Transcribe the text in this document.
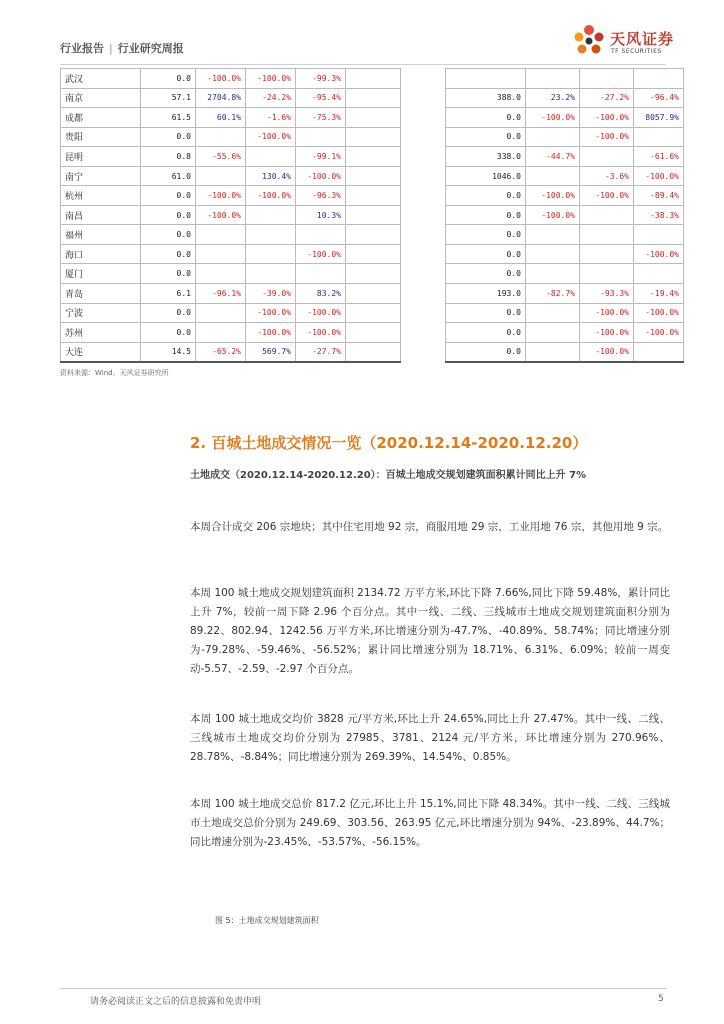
行业报告 | 行业研究周报
天风证券
TF SECURITIES
武汉	0.0	-100.0%	-100.0%	-99.3%	
南京	57.1	2704.8%	-24.2%	-95.4%	
成都	61.5	60.1%	-1.6%	-75.3%	
贵阳	0.0		-100.0%		
昆明	0.8	-55.6%		-99.1%	
南宁	61.0		130.4%	-100.0%	
杭州	0.0	-100.0%	-100.0%	-96.3%	
南昌	0.0	-100.0%		10.3%	
福州	0.0				
海口	0.0			-100.0%	
厦门	0.0				
青岛	6.1	-96.1%	-39.0%	83.2%	
宁波	0.0		-100.0%	-100.0%	
苏州	0.0		-100.0%	-100.0%	
大连	14.5	-65.2%	569.7%	-27.7%	

388.0	23.2%	-27.2%	-96.4%
0.0	-100.0%	-100.0%	8057.9%
0.0		-100.0%	
338.0	-44.7%		-61.6%
1046.0		-3.6%	-100.0%
0.0	-100.0%	-100.0%	-89.4%
0.0	-100.0%		-38.3%
0.0			
0.0			-100.0%
0.0			
193.0	-82.7%	-93.3%	-19.4%
0.0		-100.0%	-100.0%
0.0		-100.0%	-100.0%
0.0		-100.0%	
资料来源：Wind、天风证券研究所
2. 百城土地成交情况一览（2020.12.14-2020.12.20）
土地成交（2020.12.14-2020.12.20）：百城土地成交规划建筑面积累计同比上升 7%

本周合计成交 206 宗地块；其中住宅用地 92 宗，商服用地 29 宗，工业用地 76 宗，其他用地 9 宗。

本周 100 城土地成交规划建筑面积 2134.72 万平方米,环比下降 7.66%,同比下降 59.48%，累计同比上升 7%，较前一周下降 2.96 个百分点。其中一线、二线、三线城市土地成交规划建筑面积分别为 89.22、802.94、1242.56 万平方米,环比增速分别为-47.7%、-40.89%、58.74%；同比增速分别为-79.28%、-59.46%、-56.52%；累计同比增速分别为 18.71%、6.31%、6.09%；较前一周变动-5.57、-2.59、-2.97 个百分点。

本周 100 城土地成交均价 3828 元/平方米,环比上升 24.65%,同比上升 27.47%。其中一线、二线、三线城市土地成交均价分别为 27985、3781、2124 元/平方米，环比增速分别为 270.96%、28.78%、-8.84%；同比增速分别为 269.39%、14.54%、0.85%。

本周 100 城土地成交总价 817.2 亿元,环比上升 15.1%,同比下降 48.34%。其中一线、二线、三线城市土地成交总价分别为 249.69、303.56、263.95 亿元,环比增速分别为 94%、-23.89%、44.7%；同比增速分别为-23.45%、-53.57%、-56.15%。

图 5：土地成交规划建筑面积
请务必阅读正文之后的信息披露和免责申明	5
